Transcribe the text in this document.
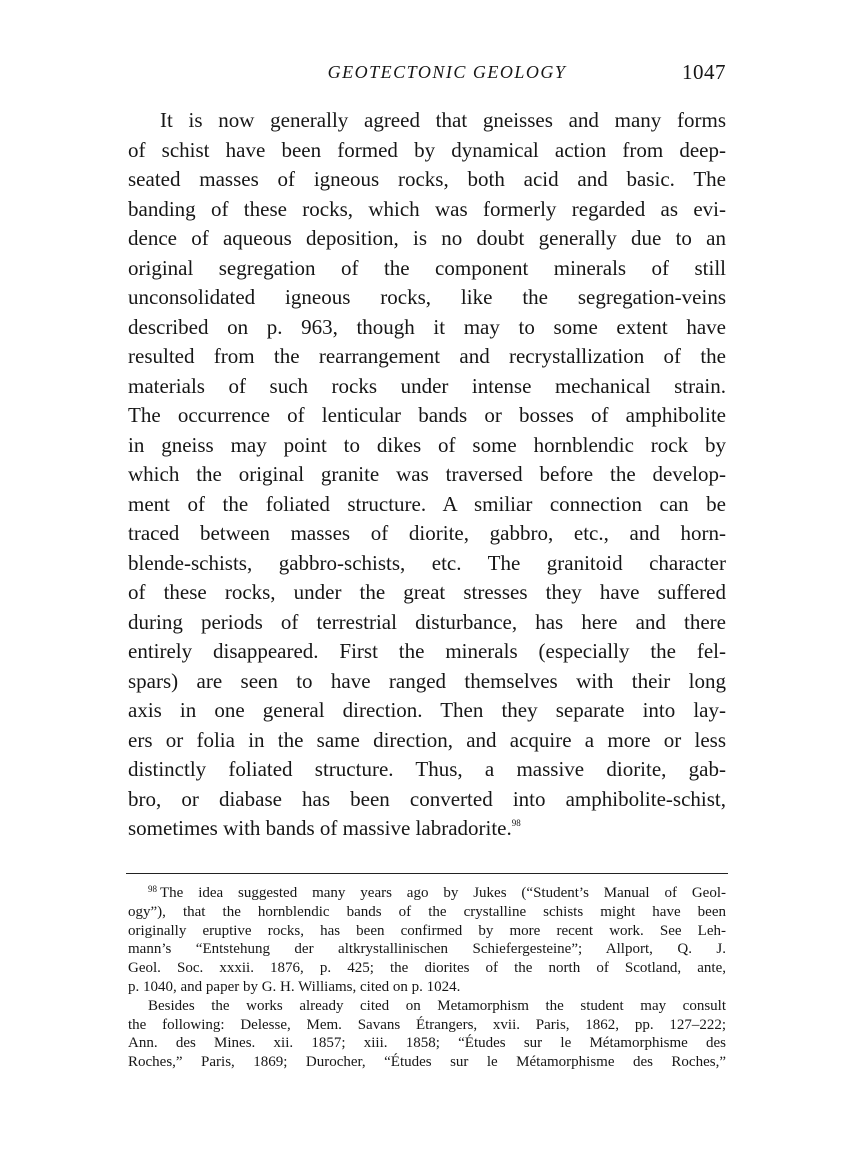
GEOTECTONIC GEOLOGY	1047
It is now generally agreed that gneisses and many forms
of schist have been formed by dynamical action from deep-
seated masses of igneous rocks, both acid and basic. The
banding of these rocks, which was formerly regarded as evi-
dence of aqueous deposition, is no doubt generally due to an
original segregation of the component minerals of still
unconsolidated igneous rocks, like the segregation-veins
described on p. 963, though it may to some extent have
resulted from the rearrangement and recrystallization of the
materials of such rocks under intense mechanical strain.
The occurrence of lenticular bands or bosses of amphibolite
in gneiss may point to dikes of some hornblendic rock by
which the original granite was traversed before the develop-
ment of the foliated structure. A smiliar connection can be
traced between masses of diorite, gabbro, etc., and horn-
blende-schists, gabbro-schists, etc. The granitoid character
of these rocks, under the great stresses they have suffered
during periods of terrestrial disturbance, has here and there
entirely disappeared. First the minerals (especially the fel-
spars) are seen to have ranged themselves with their long
axis in one general direction. Then they separate into lay-
ers or folia in the same direction, and acquire a more or less
distinctly foliated structure. Thus, a massive diorite, gab-
bro, or diabase has been converted into amphibolite-schist,
sometimes with bands of massive labradorite.$^{98}$
$^{98}$ The idea suggested many years ago by Jukes (“Student’s Manual of Geol-
ogy”), that the hornblendic bands of the crystalline schists might have been
originally eruptive rocks, has been confirmed by more recent work. See Leh-
mann’s “Entstehung der altkrystallinischen Schiefergesteine”; Allport, Q. J.
Geol. Soc. xxxii. 1876, p. 425; the diorites of the north of Scotland, ante,
p. 1040, and paper by G. H. Williams, cited on p. 1024.
Besides the works already cited on Metamorphism the student may consult
the following: Delesse, Mem. Savans Étrangers, xvii. Paris, 1862, pp. 127–222;
Ann. des Mines. xii. 1857; xiii. 1858; “Études sur le Métamorphisme des
Roches,” Paris, 1869; Durocher, “Études sur le Métamorphisme des Roches,”
